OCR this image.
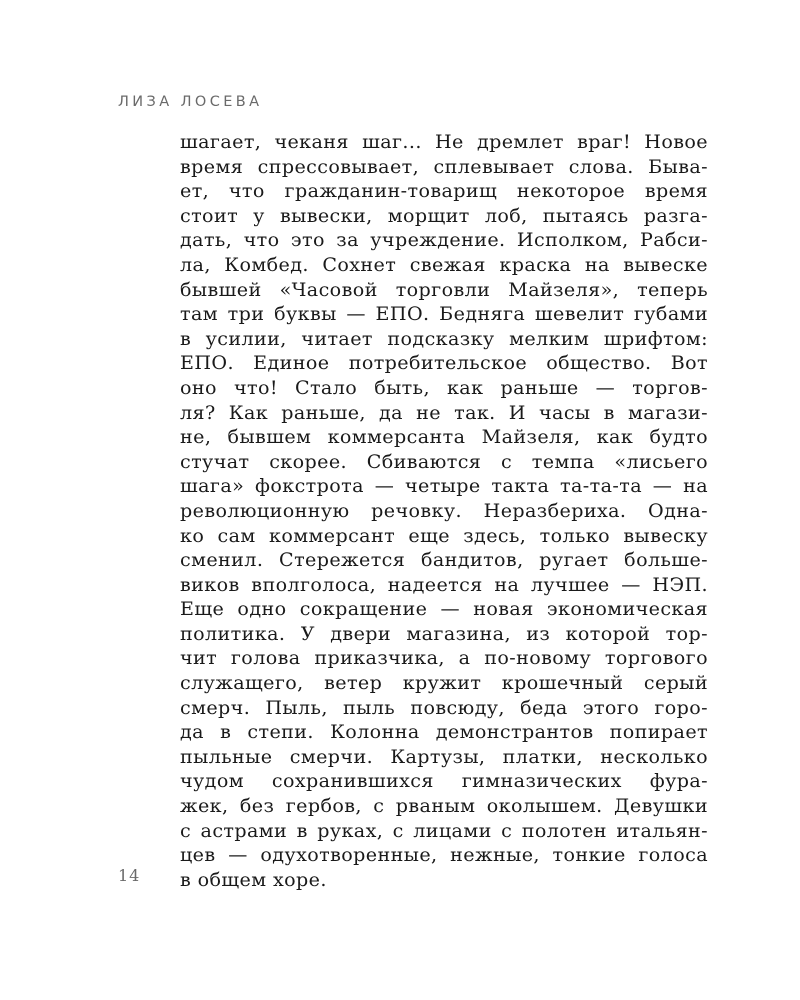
ЛИЗА ЛОСЕВА
шагает, чеканя шаг... Не дремлет враг! Новое
время спрессовывает, сплевывает слова. Быва-
ет, что гражданин-товарищ некоторое время
стоит у вывески, морщит лоб, пытаясь разга-
дать, что это за учреждение. Исполком, Рабси-
ла, Комбед. Сохнет свежая краска на вывеске
бывшей «Часовой торговли Майзеля», теперь
там три буквы — ЕПО. Бедняга шевелит губами
в усилии, читает подсказку мелким шрифтом:
ЕПО. Единое потребительское общество. Вот
оно что! Стало быть, как раньше — торгов-
ля? Как раньше, да не так. И часы в магази-
не, бывшем коммерсанта Майзеля, как будто
стучат скорее. Сбиваются с темпа «лисьего
шага» фокстрота — четыре такта та-та-та — на
революционную речовку. Неразбериха. Однa-
ко сам коммерсант еще здесь, только вывеску
сменил. Стережется бандитов, ругает больше-
виков вполголоса, надеется на лучшее — НЭП.
Еще одно сокращение — новая экономическая
политика. У двери магазина, из которой тор-
чит голова приказчика, а по-новому торгового
служащего, ветер кружит крошечный серый
смерч. Пыль, пыль повсюду, беда этого горо-
да в степи. Колонна демонстрантов попирает
пыльные смерчи. Картузы, платки, несколько
чудом сохранившихся гимназических фура-
жек, без гербов, с рваным околышем. Девушки
с астрами в руках, с лицами с полотен итальян-
цев — одухотворенные, нежные, тонкие голоса
в общем хоре.
14
